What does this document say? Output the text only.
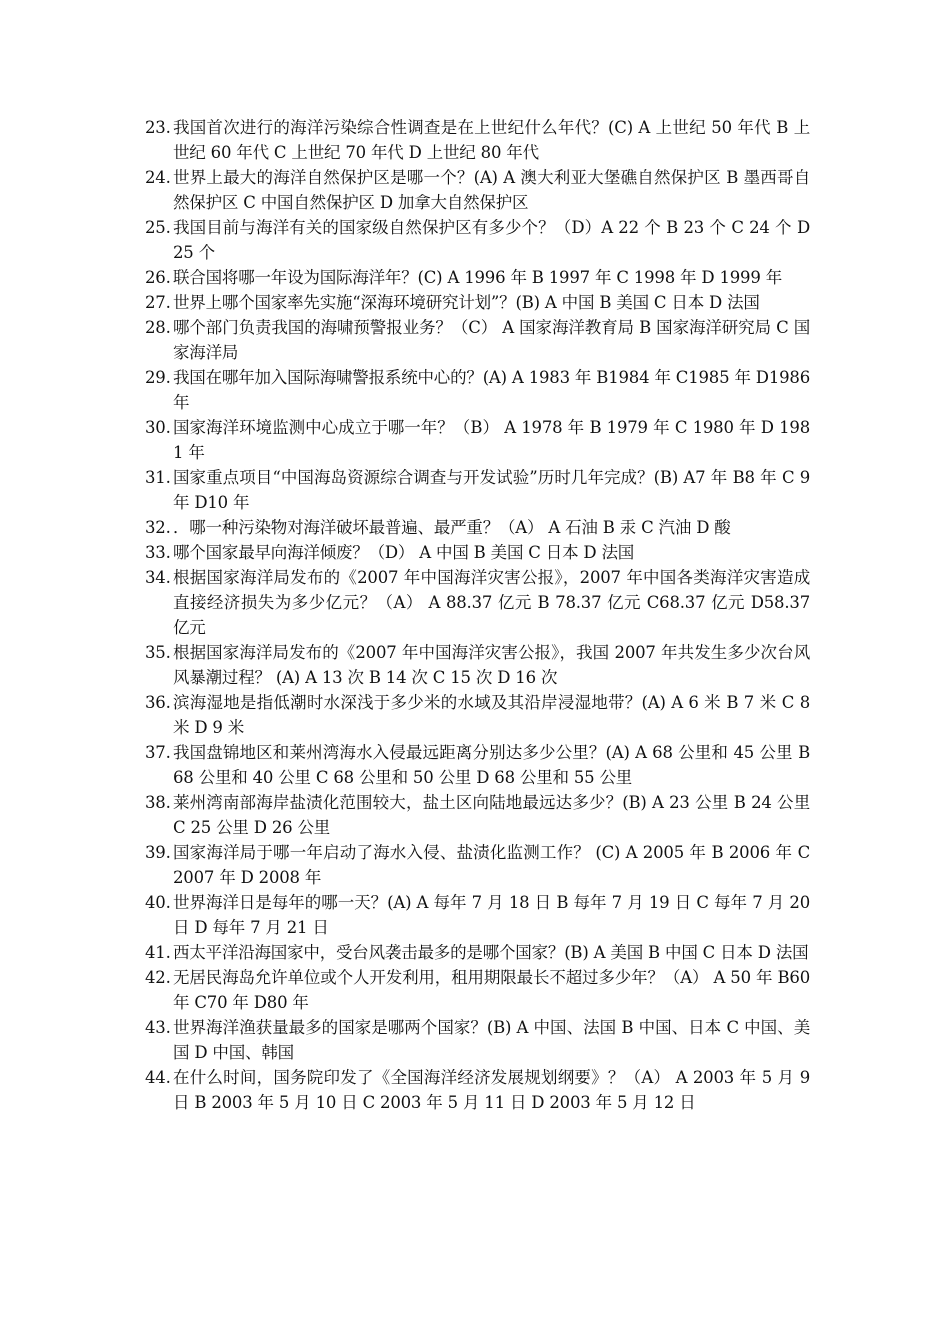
23. 我国首次进行的海洋污染综合性调查是在上世纪什么年代？(C) A 上世纪 50 年代 B 上世纪 60 年代 C 上世纪 70 年代 D 上世纪 80 年代
24. 世界上最大的海洋自然保护区是哪一个？(A) A 澳大利亚大堡礁自然保护区 B 墨西哥自然保护区 C 中国自然保护区 D 加拿大自然保护区
25. 我国目前与海洋有关的国家级自然保护区有多少个？（D）A 22 个 B 23 个 C 24 个 D 25 个
26. 联合国将哪一年设为国际海洋年？(C) A 1996 年 B 1997 年 C 1998 年 D 1999 年
27. 世界上哪个国家率先实施“深海环境研究计划”？(B) A 中国 B 美国 C 日本 D 法国
28. 哪个部门负责我国的海啸预警报业务？（C） A 国家海洋教育局 B 国家海洋研究局 C 国家海洋局
29. 我国在哪年加入国际海啸警报系统中心的？(A) A 1983 年 B1984 年 C1985 年 D1986 年
30. 国家海洋环境监测中心成立于哪一年？（B） A 1978 年 B 1979 年 C 1980 年 D 1981 年
31. 国家重点项目“中国海岛资源综合调查与开发试验”历时几年完成？(B) A7 年 B8 年 C 9 年 D10 年
32. ．哪一种污染物对海洋破坏最普遍、最严重？（A） A 石油 B 汞 C 汽油 D 酸
33. 哪个国家最早向海洋倾废？（D） A 中国 B 美国 C 日本 D 法国
34. 根据国家海洋局发布的《2007 年中国海洋灾害公报》，2007 年中国各类海洋灾害造成直接经济损失为多少亿元？（A） A 88.37 亿元 B 78.37 亿元 C68.37 亿元 D58.37 亿元
35. 根据国家海洋局发布的《2007 年中国海洋灾害公报》，我国 2007 年共发生多少次台风风暴潮过程？ (A) A 13 次 B 14 次 C 15 次 D 16 次
36. 滨海湿地是指低潮时水深浅于多少米的水域及其沿岸浸湿地带？(A) A 6 米 B 7 米 C 8 米 D 9 米
37. 我国盘锦地区和莱州湾海水入侵最远距离分别达多少公里？(A) A 68 公里和 45 公里 B 68 公里和 40 公里 C 68 公里和 50 公里 D 68 公里和 55 公里
38. 莱州湾南部海岸盐渍化范围较大，盐土区向陆地最远达多少？(B) A 23 公里 B 24 公里 C 25 公里 D 26 公里
39. 国家海洋局于哪一年启动了海水入侵、盐渍化监测工作？ (C) A 2005 年 B 2006 年 C 2007 年 D 2008 年
40. 世界海洋日是每年的哪一天？(A) A 每年 7 月 18 日 B 每年 7 月 19 日 C 每年 7 月 20 日 D 每年 7 月 21 日
41. 西太平洋沿海国家中，受台风袭击最多的是哪个国家？(B) A 美国 B 中国 C 日本 D 法国
42. 无居民海岛允许单位或个人开发利用，租用期限最长不超过多少年？（A） A 50 年 B60 年 C70 年 D80 年
43. 世界海洋渔获量最多的国家是哪两个国家？(B) A 中国、法国 B 中国、日本 C 中国、美国 D 中国、韩国
44. 在什么时间，国务院印发了《全国海洋经济发展规划纲要》？（A） A 2003 年 5 月 9 日 B 2003 年 5 月 10 日 C 2003 年 5 月 11 日 D 2003 年 5 月 12 日
